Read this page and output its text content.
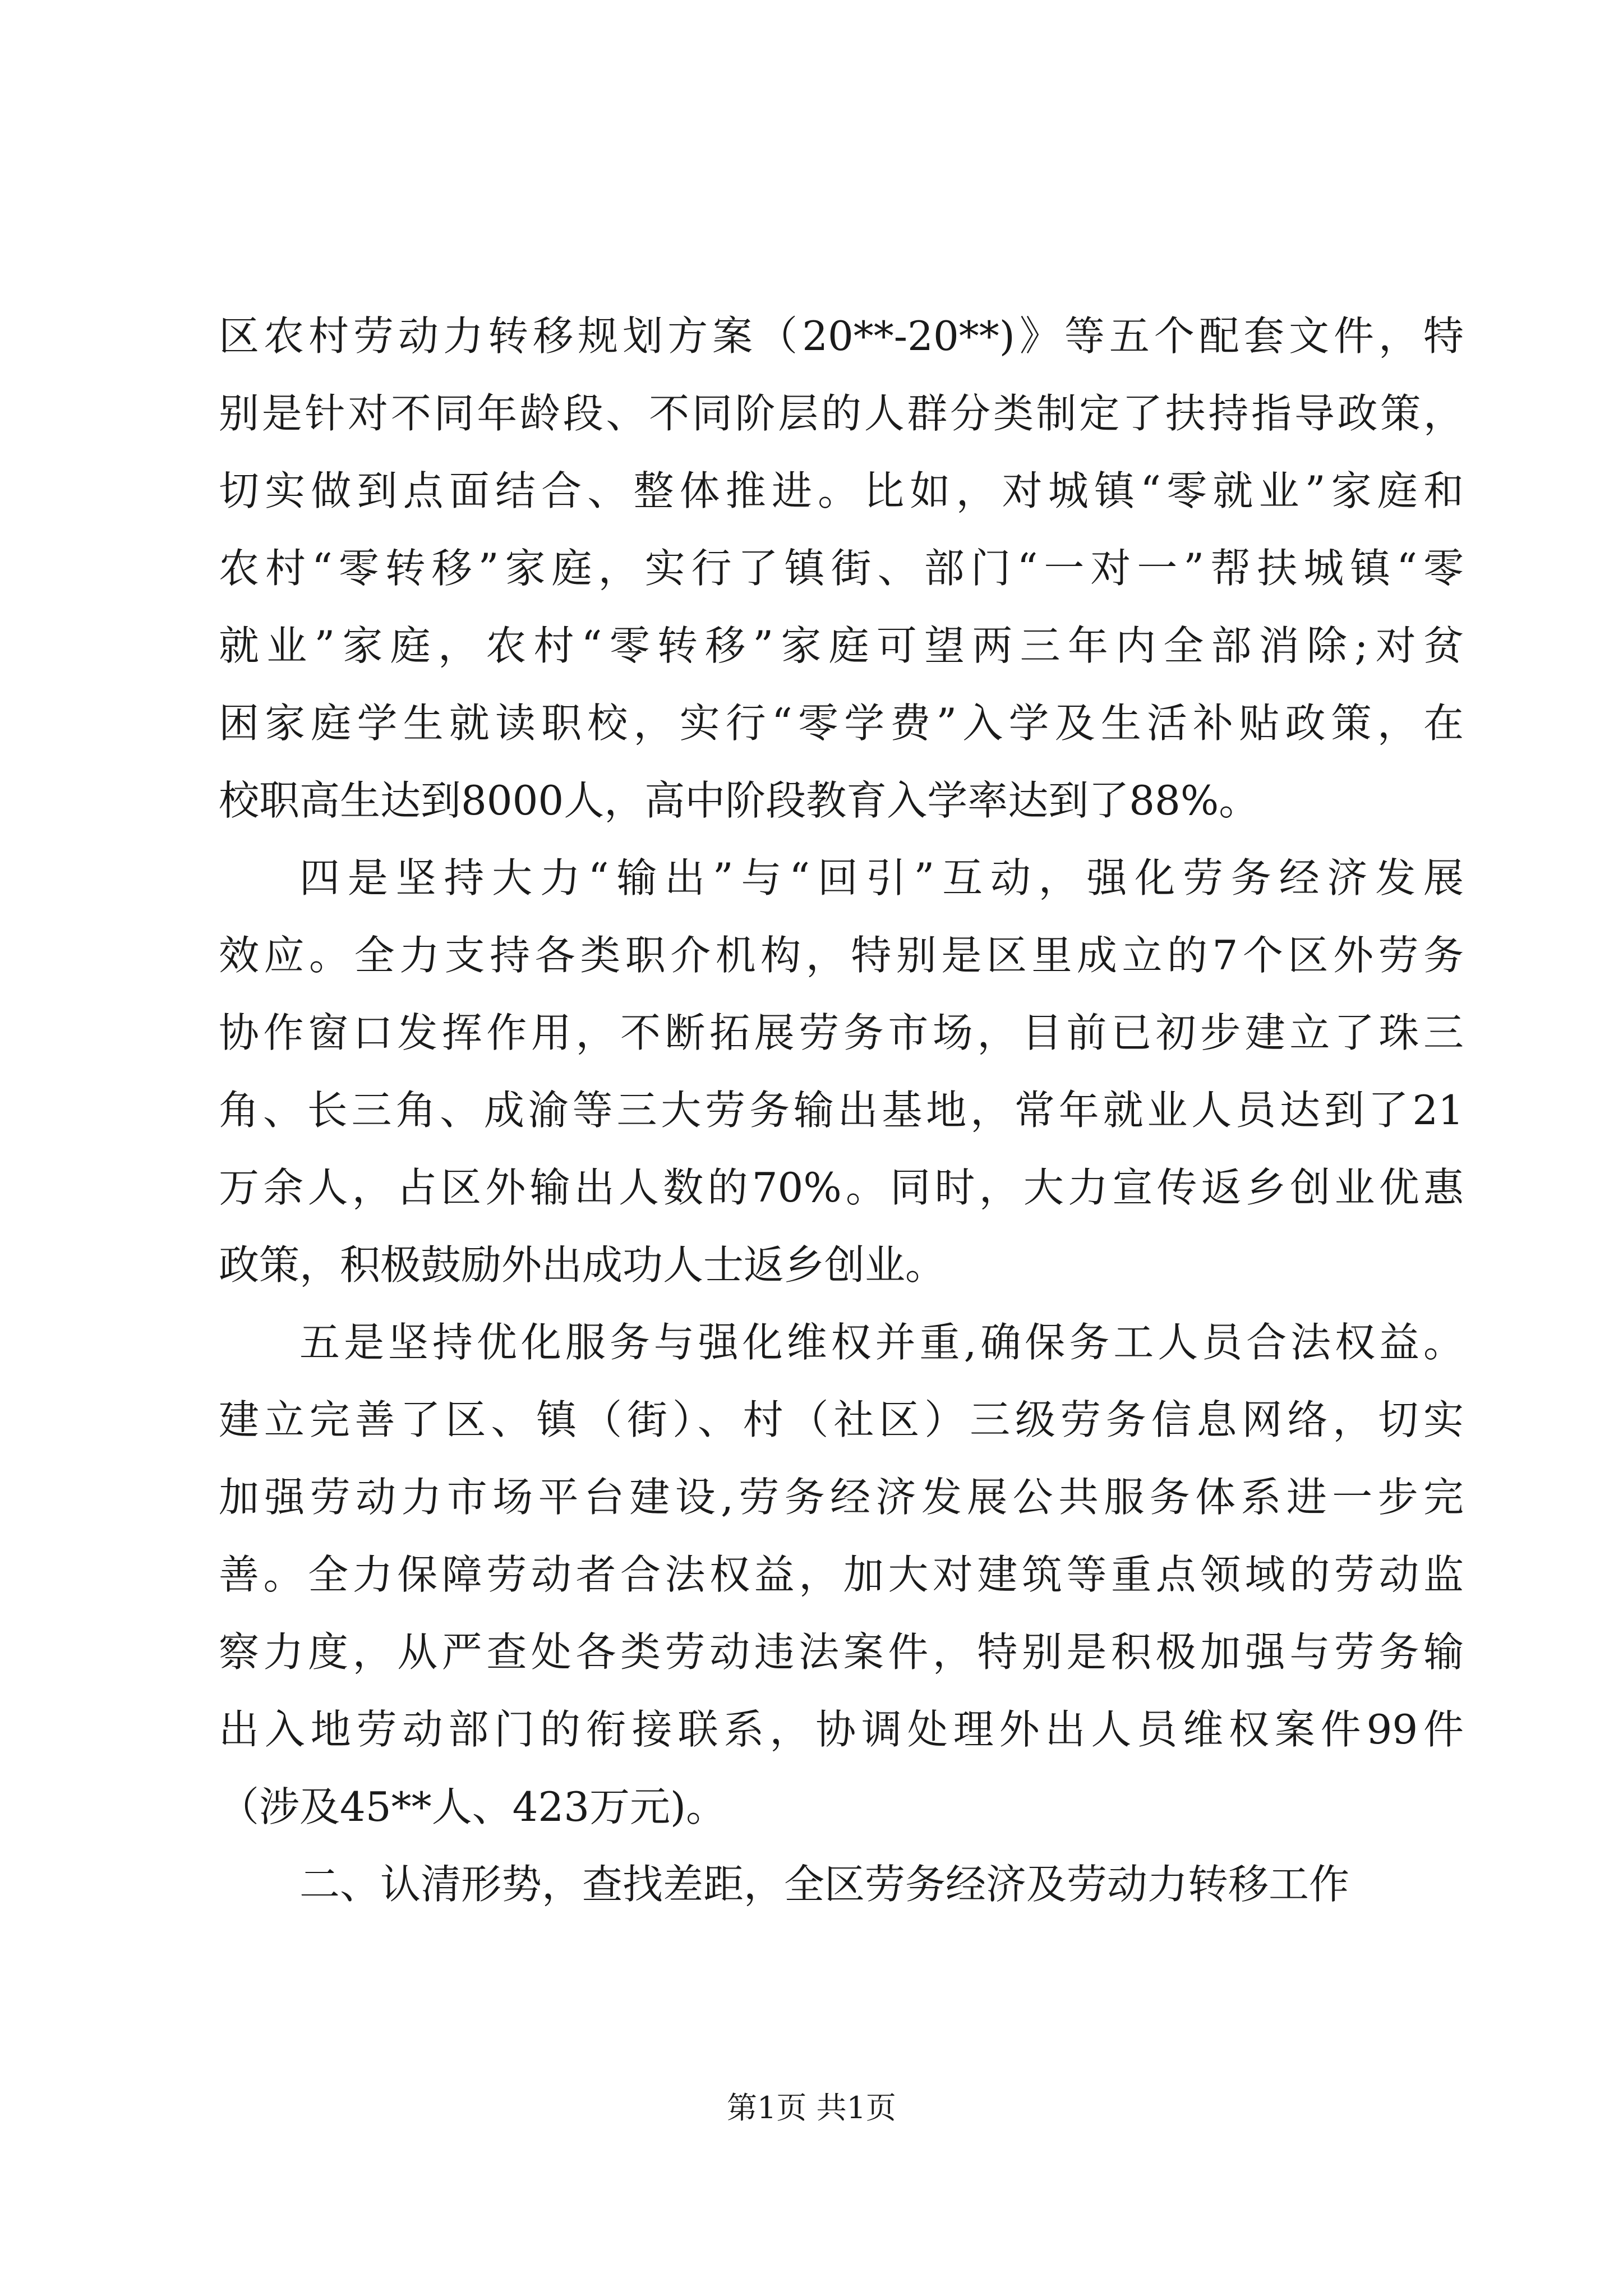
区农村劳动力转移规划方案（20**-20**)》等五个配套文件，特
别是针对不同年龄段、不同阶层的人群分类制定了扶持指导政策，
切实做到点面结合、整体推进。比如，对城镇“零就业”家庭和
农村“零转移”家庭，实行了镇街、部门“一对一”帮扶城镇“零
就业”家庭，农村“零转移”家庭可望两三年内全部消除;对贫
困家庭学生就读职校，实行“零学费”入学及生活补贴政策，在
校职高生达到8000人，高中阶段教育入学率达到了88%。
四是坚持大力“输出”与“回引”互动，强化劳务经济发展
效应。全力支持各类职介机构，特别是区里成立的7个区外劳务
协作窗口发挥作用，不断拓展劳务市场，目前已初步建立了珠三
角、长三角、成渝等三大劳务输出基地，常年就业人员达到了21
万余人，占区外输出人数的70%。同时，大力宣传返乡创业优惠
政策，积极鼓励外出成功人士返乡创业。
五是坚持优化服务与强化维权并重,确保务工人员合法权益。
建立完善了区、镇（街）、村（社区）三级劳务信息网络，切实
加强劳动力市场平台建设,劳务经济发展公共服务体系进一步完
善。全力保障劳动者合法权益，加大对建筑等重点领域的劳动监
察力度，从严查处各类劳动违法案件，特别是积极加强与劳务输
出入地劳动部门的衔接联系，协调处理外出人员维权案件99件
（涉及45**人、423万元)。
二、认清形势，查找差距，全区劳务经济及劳动力转移工作
第1页 共1页
